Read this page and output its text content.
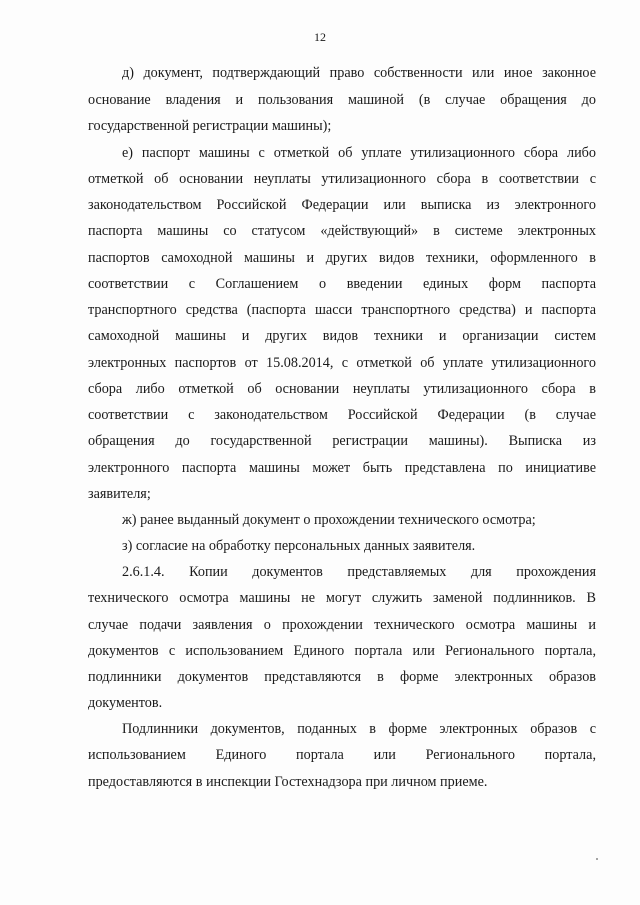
12
д) документ, подтверждающий право собственности или иное законное
основание владения и пользования машиной (в случае обращения до
государственной регистрации машины);
е) паспорт машины с отметкой об уплате утилизационного сбора либо
отметкой об основании неуплаты утилизационного сбора в соответствии с
законодательством Российской Федерации или выписка из электронного
паспорта машины со статусом «действующий» в системе электронных
паспортов самоходной машины и других видов техники, оформленного в
соответствии с Соглашением о введении единых форм паспорта
транспортного средства (паспорта шасси транспортного средства) и паспорта
самоходной машины и других видов техники и организации систем
электронных паспортов от 15.08.2014, с отметкой об уплате утилизационного
сбора либо отметкой об основании неуплаты утилизационного сбора в
соответствии с законодательством Российской Федерации (в случае
обращения до государственной регистрации машины). Выписка из
электронного паспорта машины может быть представлена по инициативе
заявителя;
ж) ранее выданный документ о прохождении технического осмотра;
з) согласие на обработку персональных данных заявителя.
2.6.1.4. Копии документов представляемых для прохождения
технического осмотра машины не могут служить заменой подлинников. В
случае подачи заявления о прохождении технического осмотра машины и
документов с использованием Единого портала или Регионального портала,
подлинники документов представляются в форме электронных образов
документов.
Подлинники документов, поданных в форме электронных образов с
использованием Единого портала или Регионального портала,
предоставляются в инспекции Гостехнадзора при личном приеме.
